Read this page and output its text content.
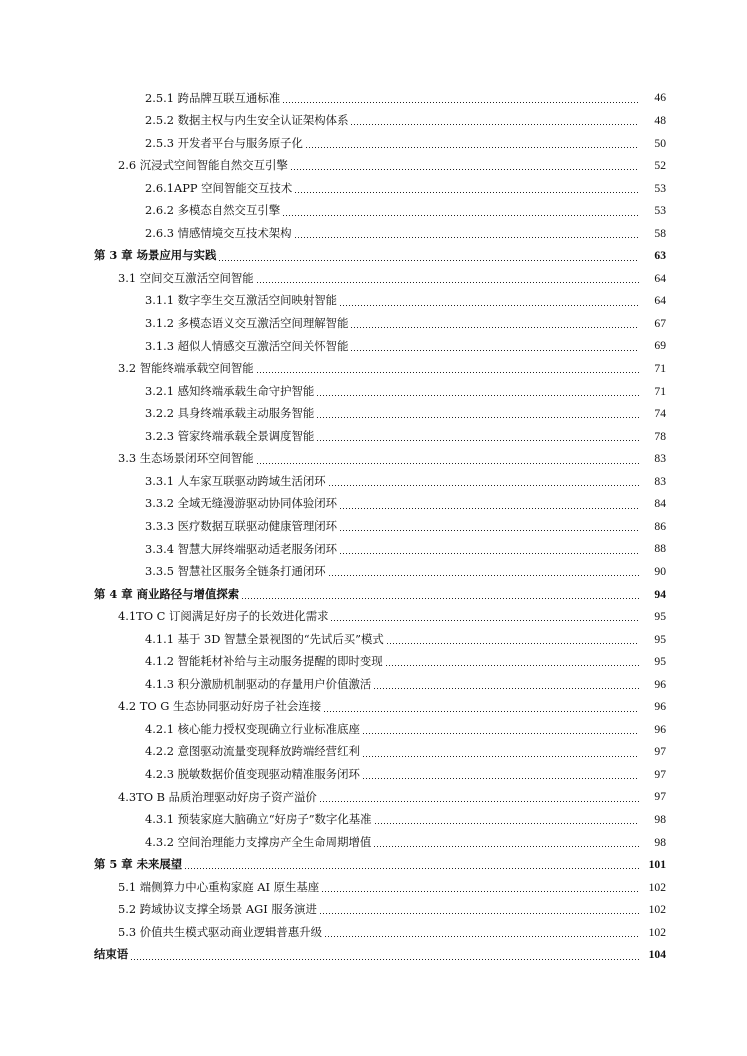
2.5.1 跨品牌互联互通标准	46
2.5.2 数据主权与内生安全认证架构体系	48
2.5.3 开发者平台与服务原子化	50
2.6 沉浸式空间智能自然交互引擎	52
2.6.1APP 空间智能交互技术	53
2.6.2 多模态自然交互引擎	53
2.6.3 情感情境交互技术架构	58
第 3 章 场景应用与实践	63
3.1 空间交互激活空间智能	64
3.1.1 数字孪生交互激活空间映射智能	64
3.1.2 多模态语义交互激活空间理解智能	67
3.1.3 超似人情感交互激活空间关怀智能	69
3.2 智能终端承载空间智能	71
3.2.1 感知终端承载生命守护智能	71
3.2.2 具身终端承载主动服务智能	74
3.2.3 管家终端承载全景调度智能	78
3.3 生态场景闭环空间智能	83
3.3.1 人车家互联驱动跨域生活闭环	83
3.3.2 全域无缝漫游驱动协同体验闭环	84
3.3.3 医疗数据互联驱动健康管理闭环	86
3.3.4 智慧大屏终端驱动适老服务闭环	88
3.3.5 智慧社区服务全链条打通闭环	90
第 4 章 商业路径与增值探索	94
4.1TO C 订阅满足好房子的长效进化需求	95
4.1.1 基于 3D 智慧全景视图的“先试后买”模式	95
4.1.2 智能耗材补给与主动服务提醒的即时变现	95
4.1.3 积分激励机制驱动的存量用户价值激活	96
4.2 TO G 生态协同驱动好房子社会连接	96
4.2.1 核心能力授权变现确立行业标准底座	96
4.2.2 意图驱动流量变现释放跨端经营红利	97
4.2.3 脱敏数据价值变现驱动精准服务闭环	97
4.3TO B 品质治理驱动好房子资产溢价	97
4.3.1 预装家庭大脑确立“好房子”数字化基准	98
4.3.2 空间治理能力支撑房产全生命周期增值	98
第 5 章 未来展望	101
5.1 端侧算力中心重构家庭 AI 原生基座	102
5.2 跨域协议支撑全场景 AGI 服务演进	102
5.3 价值共生模式驱动商业逻辑普惠升级	102
结束语	104
